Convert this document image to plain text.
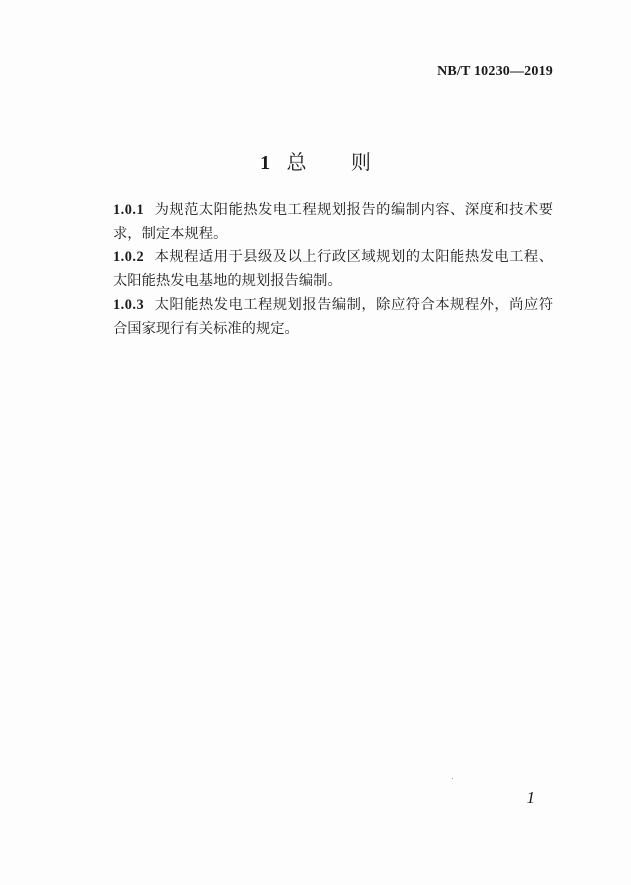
NB/T 10230—2019
1 总 则

1.0.1 为规范太阳能热发电工程规划报告的编制内容、深度和技术要求，制定本规程。

1.0.2 本规程适用于县级及以上行政区域规划的太阳能热发电工程、太阳能热发电基地的规划报告编制。

1.0.3 太阳能热发电工程规划报告编制，除应符合本规程外，尚应符合国家现行有关标准的规定。

1
